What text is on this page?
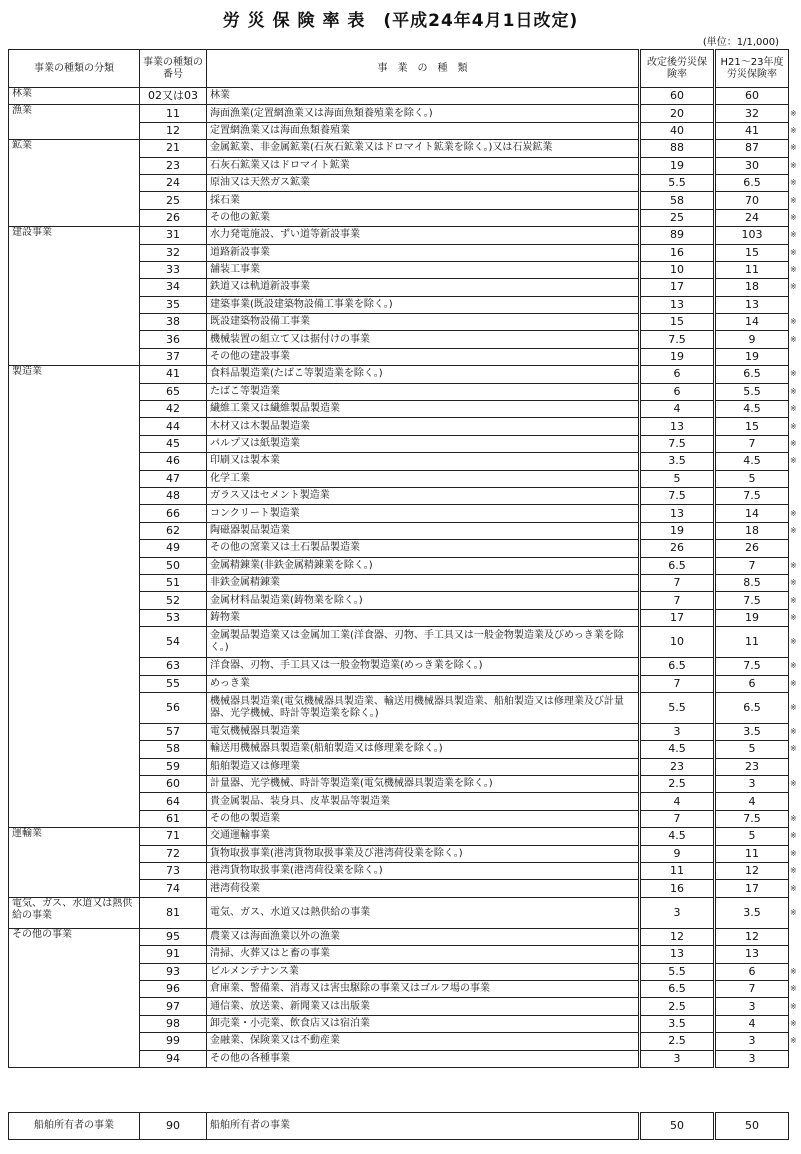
労 災 保 険 率 表　(平成24年4月1日改定)
(単位：1/1,000)
事業の種類の分類	事業の種類の番号	事　業　の　種　類	改定後労災保険率	H21～23年度労災保険率	
林業	02又は03	林業	60	60	
漁業	11	海面漁業(定置網漁業又は海面魚類養殖業を除く。)	20	32	※
	12	定置網漁業又は海面魚類養殖業	40	41	※
鉱業	21	金属鉱業、非金属鉱業(石灰石鉱業又はドロマイト鉱業を除く。)又は石炭鉱業	88	87	※
	23	石灰石鉱業又はドロマイト鉱業	19	30	※
	24	原油又は天然ガス鉱業	5.5	6.5	※
	25	採石業	58	70	※
	26	その他の鉱業	25	24	※
建設事業	31	水力発電施設、ずい道等新設事業	89	103	※
	32	道路新設事業	16	15	※
	33	舗装工事業	10	11	※
	34	鉄道又は軌道新設事業	17	18	※
	35	建築事業(既設建築物設備工事業を除く。)	13	13	
	38	既設建築物設備工事業	15	14	※
	36	機械装置の組立て又は据付けの事業	7.5	9	※
	37	その他の建設事業	19	19	
製造業	41	食料品製造業(たばこ等製造業を除く。)	6	6.5	※
	65	たばこ等製造業	6	5.5	※
	42	繊維工業又は繊維製品製造業	4	4.5	※
	44	木材又は木製品製造業	13	15	※
	45	パルプ又は紙製造業	7.5	7	※
	46	印刷又は製本業	3.5	4.5	※
	47	化学工業	5	5	
	48	ガラス又はセメント製造業	7.5	7.5	
	66	コンクリート製造業	13	14	※
	62	陶磁器製品製造業	19	18	※
	49	その他の窯業又は土石製品製造業	26	26	
	50	金属精錬業(非鉄金属精錬業を除く。)	6.5	7	※
	51	非鉄金属精錬業	7	8.5	※
	52	金属材料品製造業(鋳物業を除く。)	7	7.5	※
	53	鋳物業	17	19	※
	54	金属製品製造業又は金属加工業(洋食器、刃物、手工具又は一般金物製造業及びめっき業を除く。)	10	11	※
	63	洋食器、刃物、手工具又は一般金物製造業(めっき業を除く。)	6.5	7.5	※
	55	めっき業	7	6	※
	56	機械器具製造業(電気機械器具製造業、輸送用機械器具製造業、船舶製造又は修理業及び計量器、光学機械、時計等製造業を除く。)	5.5	6.5	※
	57	電気機械器具製造業	3	3.5	※
	58	輸送用機械器具製造業(船舶製造又は修理業を除く。)	4.5	5	※
	59	船舶製造又は修理業	23	23	
	60	計量器、光学機械、時計等製造業(電気機械器具製造業を除く。)	2.5	3	※
	64	貴金属製品、装身具、皮革製品等製造業	4	4	
	61	その他の製造業	7	7.5	※
運輸業	71	交通運輸事業	4.5	5	※
	72	貨物取扱事業(港湾貨物取扱事業及び港湾荷役業を除く。)	9	11	※
	73	港湾貨物取扱事業(港湾荷役業を除く。)	11	12	※
	74	港湾荷役業	16	17	※
電気、ガス、水道又は熱供給の事業	81	電気、ガス、水道又は熱供給の事業	3	3.5	※
その他の事業	95	農業又は海面漁業以外の漁業	12	12	
	91	清掃、火葬又はと畜の事業	13	13	
	93	ビルメンテナンス業	5.5	6	※
	96	倉庫業、警備業、消毒又は害虫駆除の事業又はゴルフ場の事業	6.5	7	※
	97	通信業、放送業、新聞業又は出版業	2.5	3	※
	98	卸売業・小売業、飲食店又は宿泊業	3.5	4	※
	99	金融業、保険業又は不動産業	2.5	3	※
	94	その他の各種事業	3	3	
船舶所有者の事業	90	船舶所有者の事業	50	50	
